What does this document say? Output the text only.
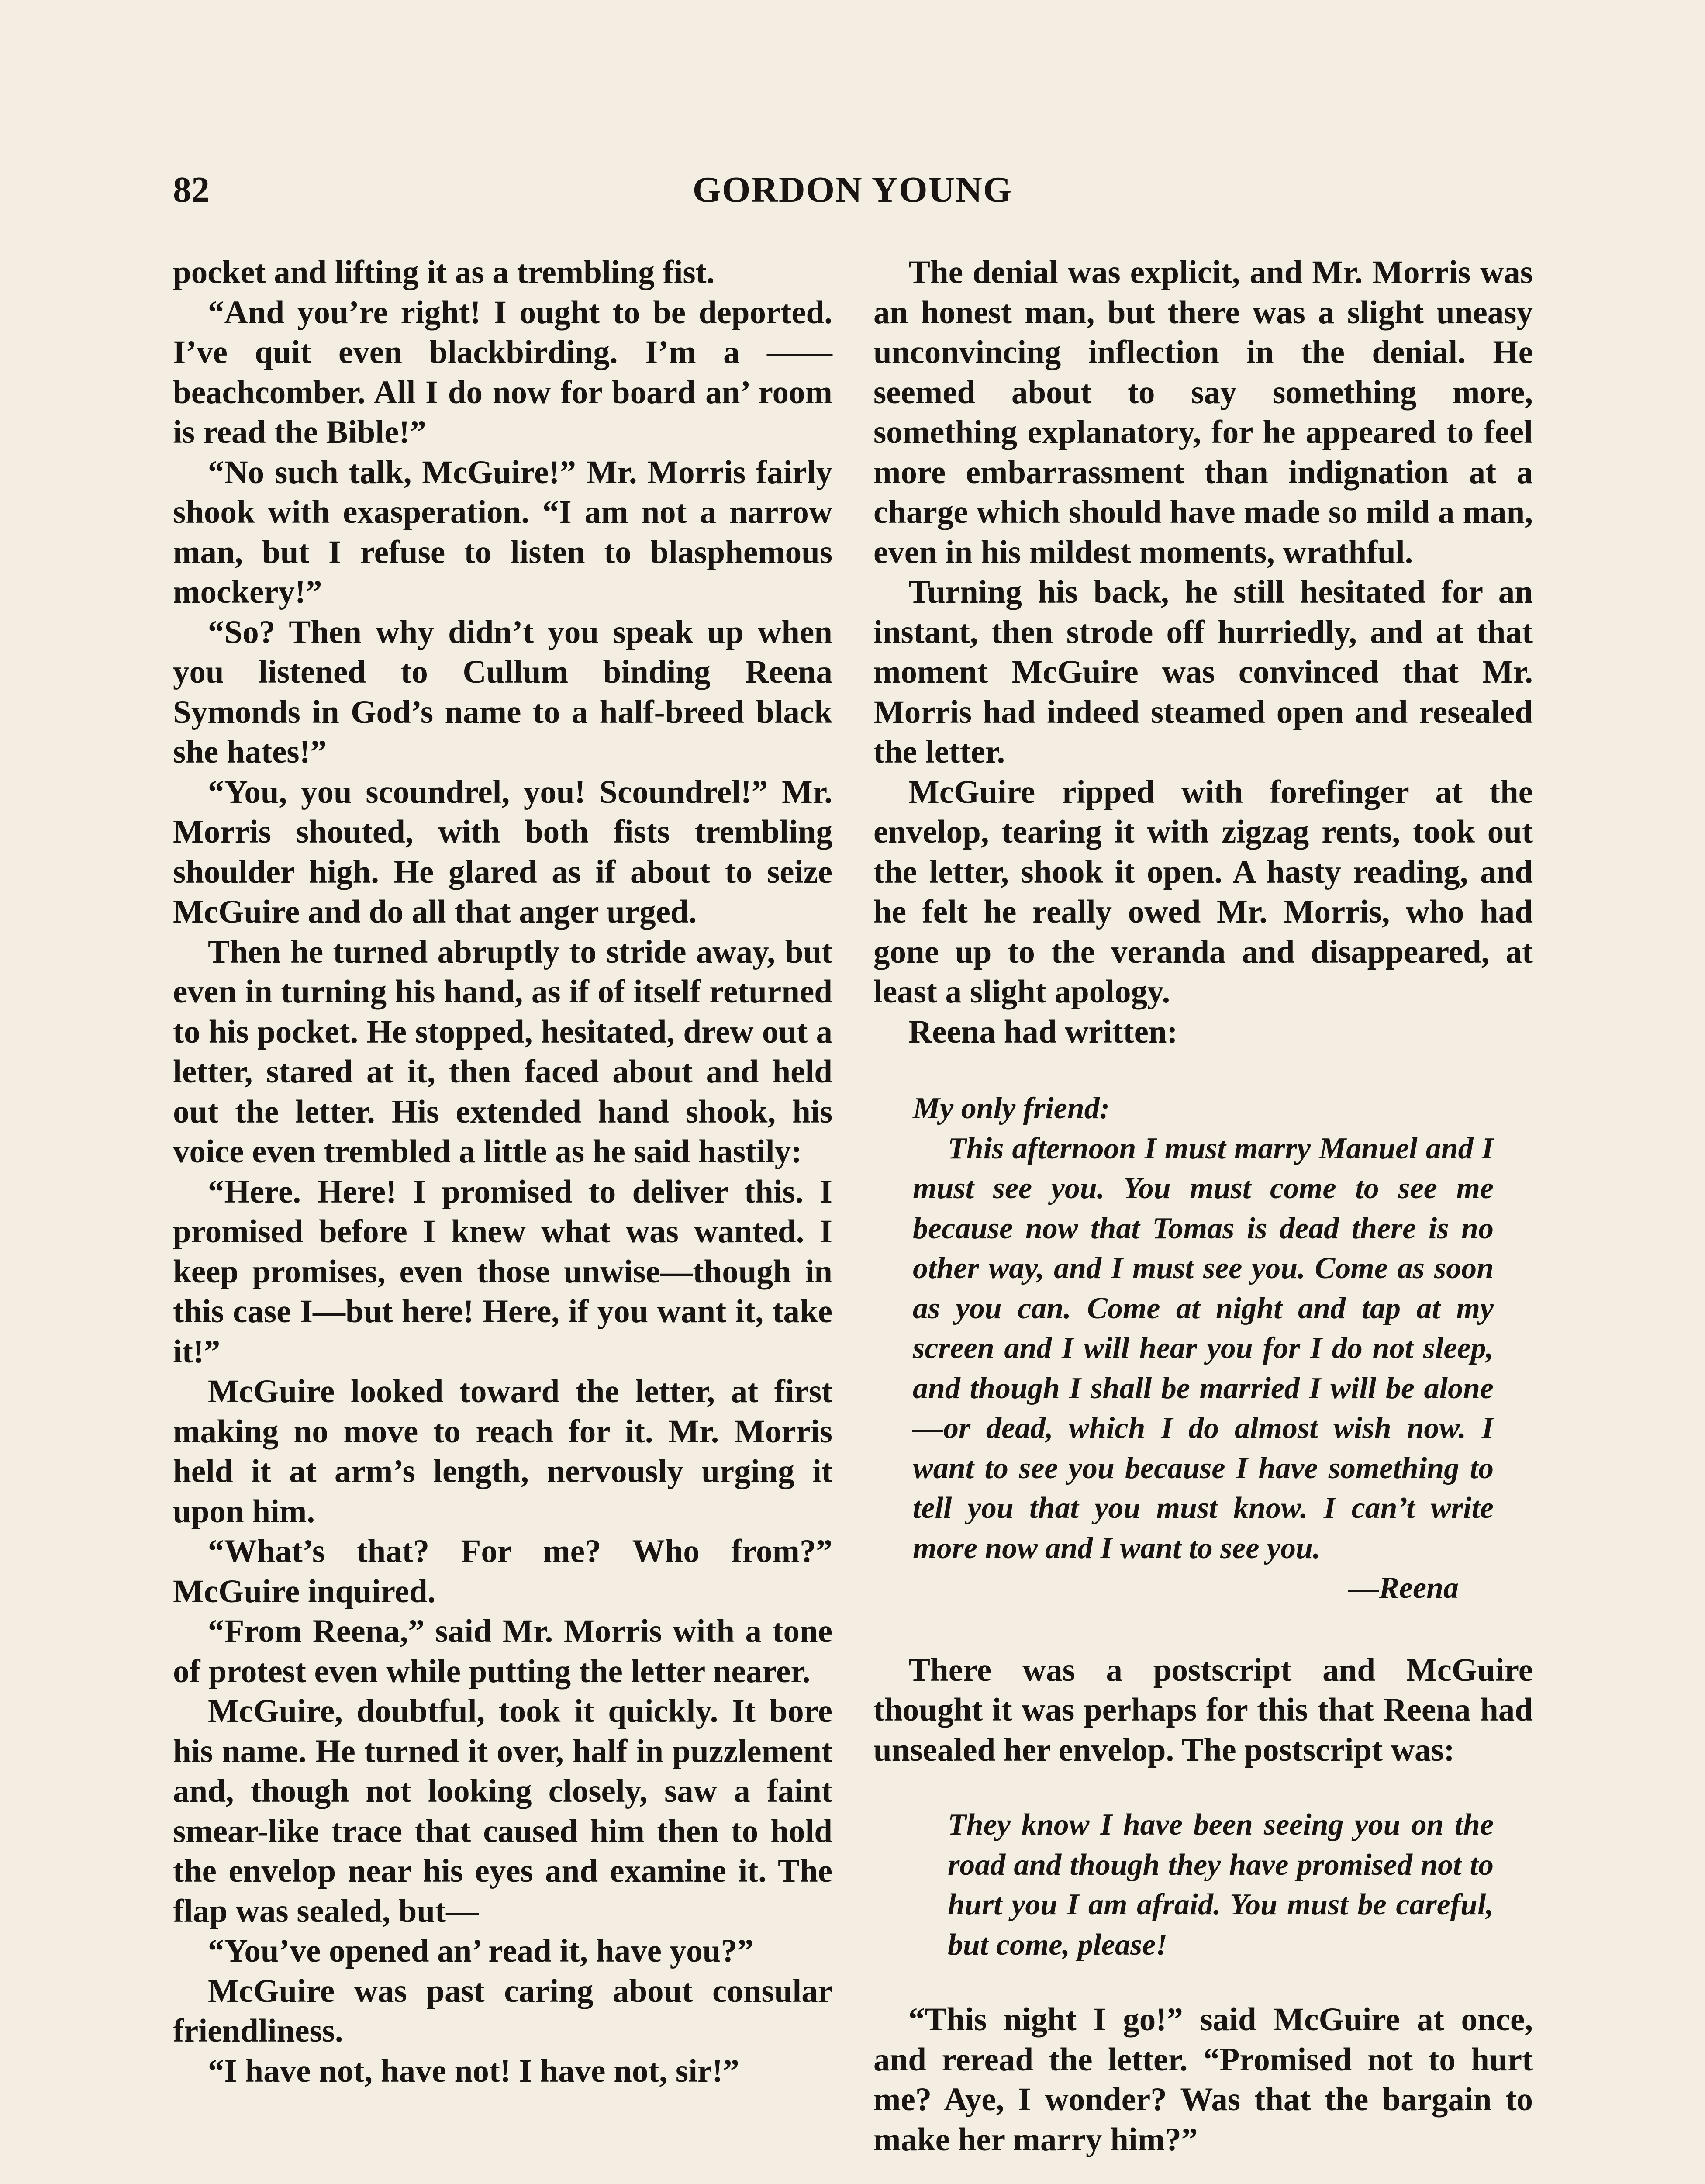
82	GORDON YOUNG

pocket and lifting it as a trembling fist.

“And you’re right! I ought to be deported. I’ve quit even blackbirding. I’m a —— beachcomber. All I do now for board an’ room is read the Bible!”

“No such talk, McGuire!” Mr. Morris fairly shook with exasperation. “I am not a narrow man, but I refuse to listen to blasphemous mockery!”

“So? Then why didn’t you speak up when you listened to Cullum binding Reena Symonds in God’s name to a half-breed black she hates!”

“You, you scoundrel, you! Scoundrel!” Mr. Morris shouted, with both fists trembling shoulder high. He glared as if about to seize McGuire and do all that anger urged.

Then he turned abruptly to stride away, but even in turning his hand, as if of itself returned to his pocket. He stopped, hesitated, drew out a letter, stared at it, then faced about and held out the letter. His extended hand shook, his voice even trembled a little as he said hastily:

“Here. Here! I promised to deliver this. I promised before I knew what was wanted. I keep promises, even those unwise—though in this case I—but here! Here, if you want it, take it!”

McGuire looked toward the letter, at first making no move to reach for it. Mr. Morris held it at arm’s length, nervously urging it upon him.

“What’s that? For me? Who from?” McGuire inquired.

“From Reena,” said Mr. Morris with a tone of protest even while putting the letter nearer.

McGuire, doubtful, took it quickly. It bore his name. He turned it over, half in puzzlement and, though not looking closely, saw a faint smear-like trace that caused him then to hold the envelop near his eyes and examine it. The flap was sealed, but—

“You’ve opened an’ read it, have you?”

McGuire was past caring about consular friendliness.

“I have not, have not! I have not, sir!”

The denial was explicit, and Mr. Morris was an honest man, but there was a slight uneasy unconvincing inflection in the denial. He seemed about to say something more, something explanatory, for he appeared to feel more embarrassment than indignation at a charge which should have made so mild a man, even in his mildest moments, wrathful.

Turning his back, he still hesitated for an instant, then strode off hurriedly, and at that moment McGuire was convinced that Mr. Morris had indeed steamed open and resealed the letter.

McGuire ripped with forefinger at the envelop, tearing it with zigzag rents, took out the letter, shook it open. A hasty reading, and he felt he really owed Mr. Morris, who had gone up to the veranda and disappeared, at least a slight apology.

Reena had written:

My only friend:

This afternoon I must marry Manuel and I must see you. You must come to see me because now that Tomas is dead there is no other way, and I must see you. Come as soon as you can. Come at night and tap at my screen and I will hear you for I do not sleep, and though I shall be married I will be alone—or dead, which I do almost wish now. I want to see you because I have something to tell you that you must know. I can’t write more now and I want to see you.

—Reena

There was a postscript and McGuire thought it was perhaps for this that Reena had unsealed her envelop. The postscript was:

They know I have been seeing you on the road and though they have promised not to hurt you I am afraid. You must be careful, but come, please!

“This night I go!” said McGuire at once, and reread the letter. “Promised not to hurt me? Aye, I wonder? Was that the bargain to make her marry him?”
